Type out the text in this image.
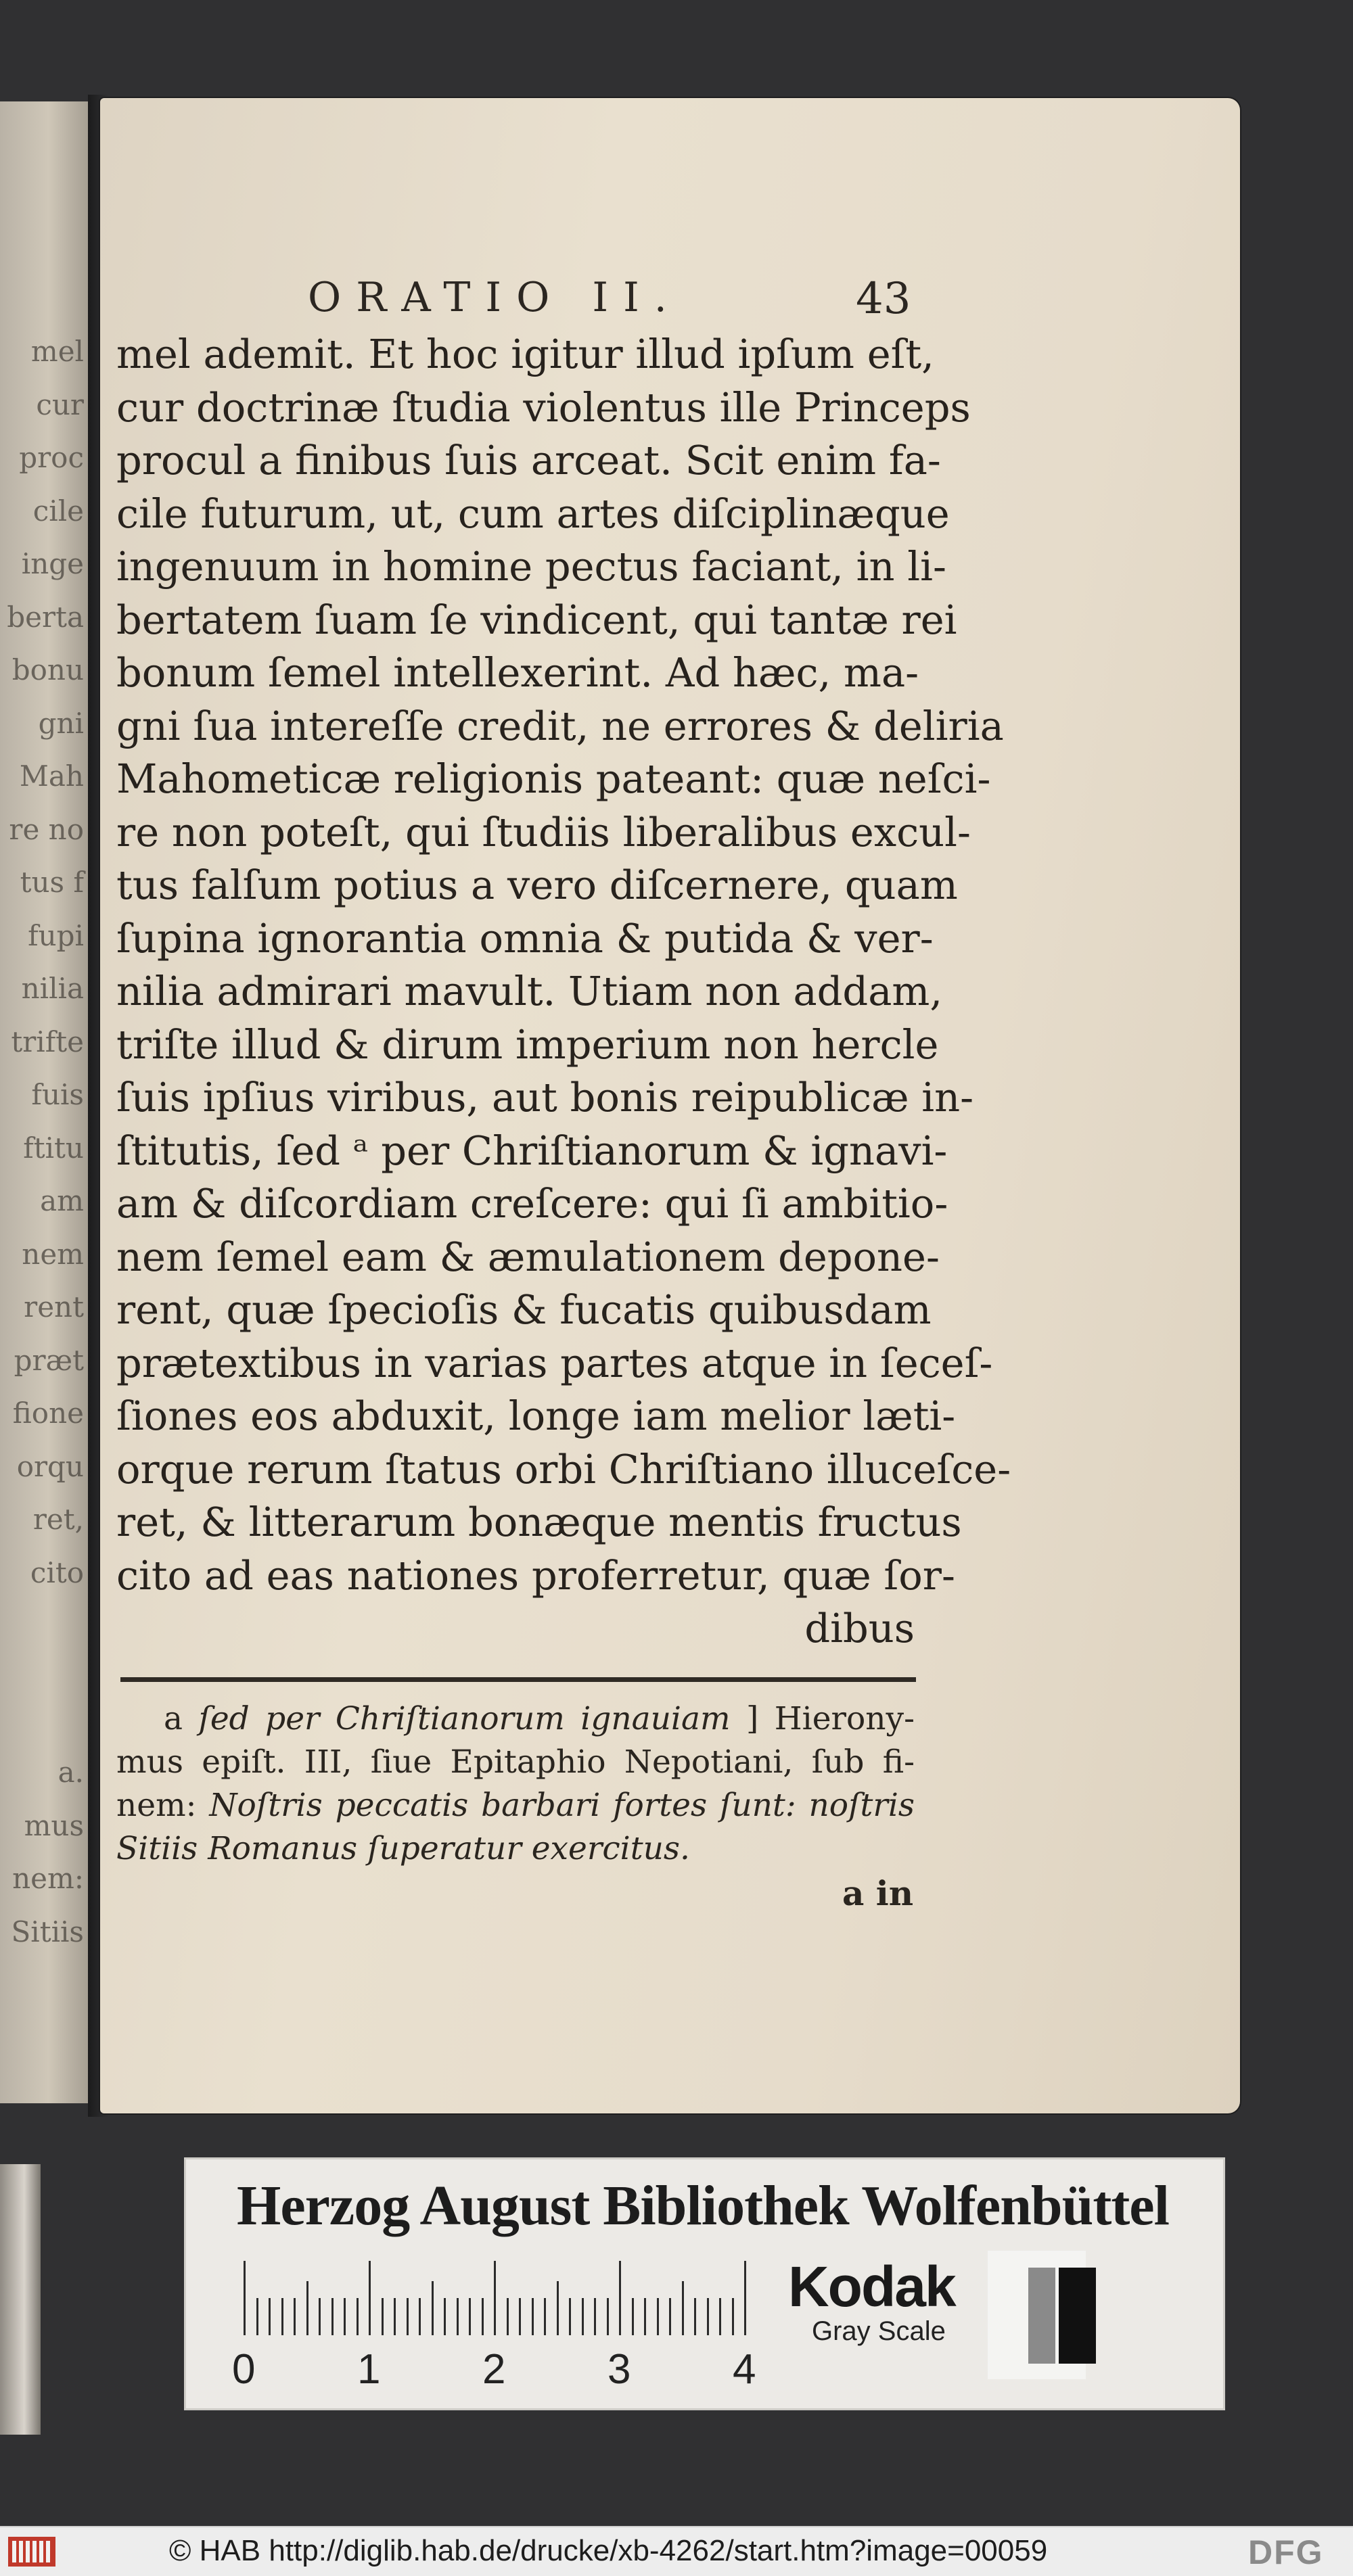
mel
cur
proc
cile
inge
berta
bonu
gni
Mah
re no
tus f
fupi
nilia
trifte
fuis
ftitu
am
nem
rent
præt
fione
orqu
ret,
cito
a.
mus
nem:
Sitiis
ORATIO II.	43
mel ademit. Et hoc igitur illud ipſum eſt,
cur doctrinæ ſtudia violentus ille Princeps
procul a finibus ſuis arceat. Scit enim fa-
cile futurum, ut, cum artes diſciplinæque
ingenuum in homine pectus faciant, in li-
bertatem ſuam ſe vindicent, qui tantæ rei
bonum ſemel intellexerint. Ad hæc, ma-
gni ſua intereſſe credit, ne errores & deliria
Mahometicæ religionis pateant: quæ neſci-
re non poteſt, qui ſtudiis liberalibus excul-
tus falſum potius a vero diſcernere, quam
ſupina ignorantia omnia & putida & ver-
nilia admirari mavult. Utiam non addam,
triſte illud & dirum imperium non hercle
ſuis ipſius viribus, aut bonis reipublicæ in-
ſtitutis, ſed ᵃ per Chriſtianorum & ignavi-
am & diſcordiam creſcere: qui ſi ambitio-
nem ſemel eam & æmulationem depone-
rent, quæ ſpecioſis & fucatis quibusdam
prætextibus in varias partes atque in ſeceſ-
ſiones eos abduxit, longe iam melior læti-
orque rerum ſtatus orbi Chriſtiano illuceſce-
ret, & litterarum bonæque mentis fructus
cito ad eas nationes proferretur, quæ ſor-
dibus
a ſed per Chriſtianorum ignauiam ] Hierony-
mus epiſt. III, ſiue Epitaphio Nepotiani, ſub fi-
nem: Noſtris peccatis barbari fortes ſunt: noſtris
Sitiis Romanus ſuperatur exercitus.
a in
Herzog August Bibliothek Wolfenbüttel
0 1 2 3 4
Kodak
Gray Scale
© HAB http://diglib.hab.de/drucke/xb-4262/start.htm?image=00059	DFG
